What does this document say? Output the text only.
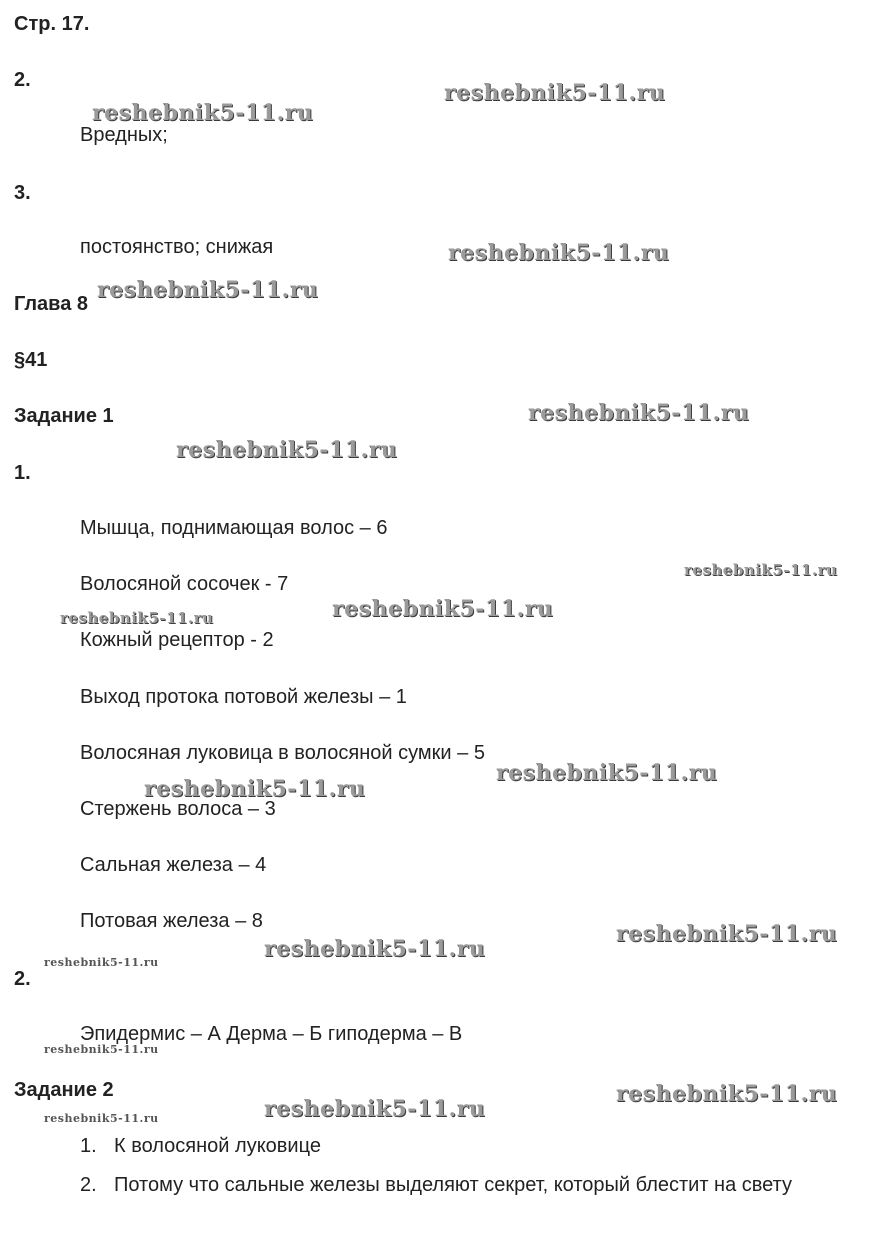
Стр. 17.
2.
Вредных;
3.
постоянство; снижая
Глава 8
§41
Задание 1
1.
Мышца, поднимающая волос – 6
Волосяной сосочек - 7
Кожный рецептор - 2
Выход протока потовой железы – 1
Волосяная луковица в волосяной сумки – 5
Стержень волоса – 3
Сальная железа – 4
Потовая железа – 8
2.
Эпидермис – А Дерма – Б гиподерма – В
Задание 2
1. К волосяной луковице
2. Потому что сальные железы выделяют секрет, который блестит на свету
reshebnik5-11.ru
reshebnik5-11.ru
reshebnik5-11.ru
reshebnik5-11.ru
reshebnik5-11.ru
reshebnik5-11.ru
reshebnik5-11.ru
reshebnik5-11.ru
reshebnik5-11.ru
reshebnik5-11.ru
reshebnik5-11.ru
reshebnik5-11.ru
reshebnik5-11.ru
reshebnik5-11.ru
reshebnik5-11.ru
reshebnik5-11.ru
reshebnik5-11.ru
reshebnik5-11.ru
